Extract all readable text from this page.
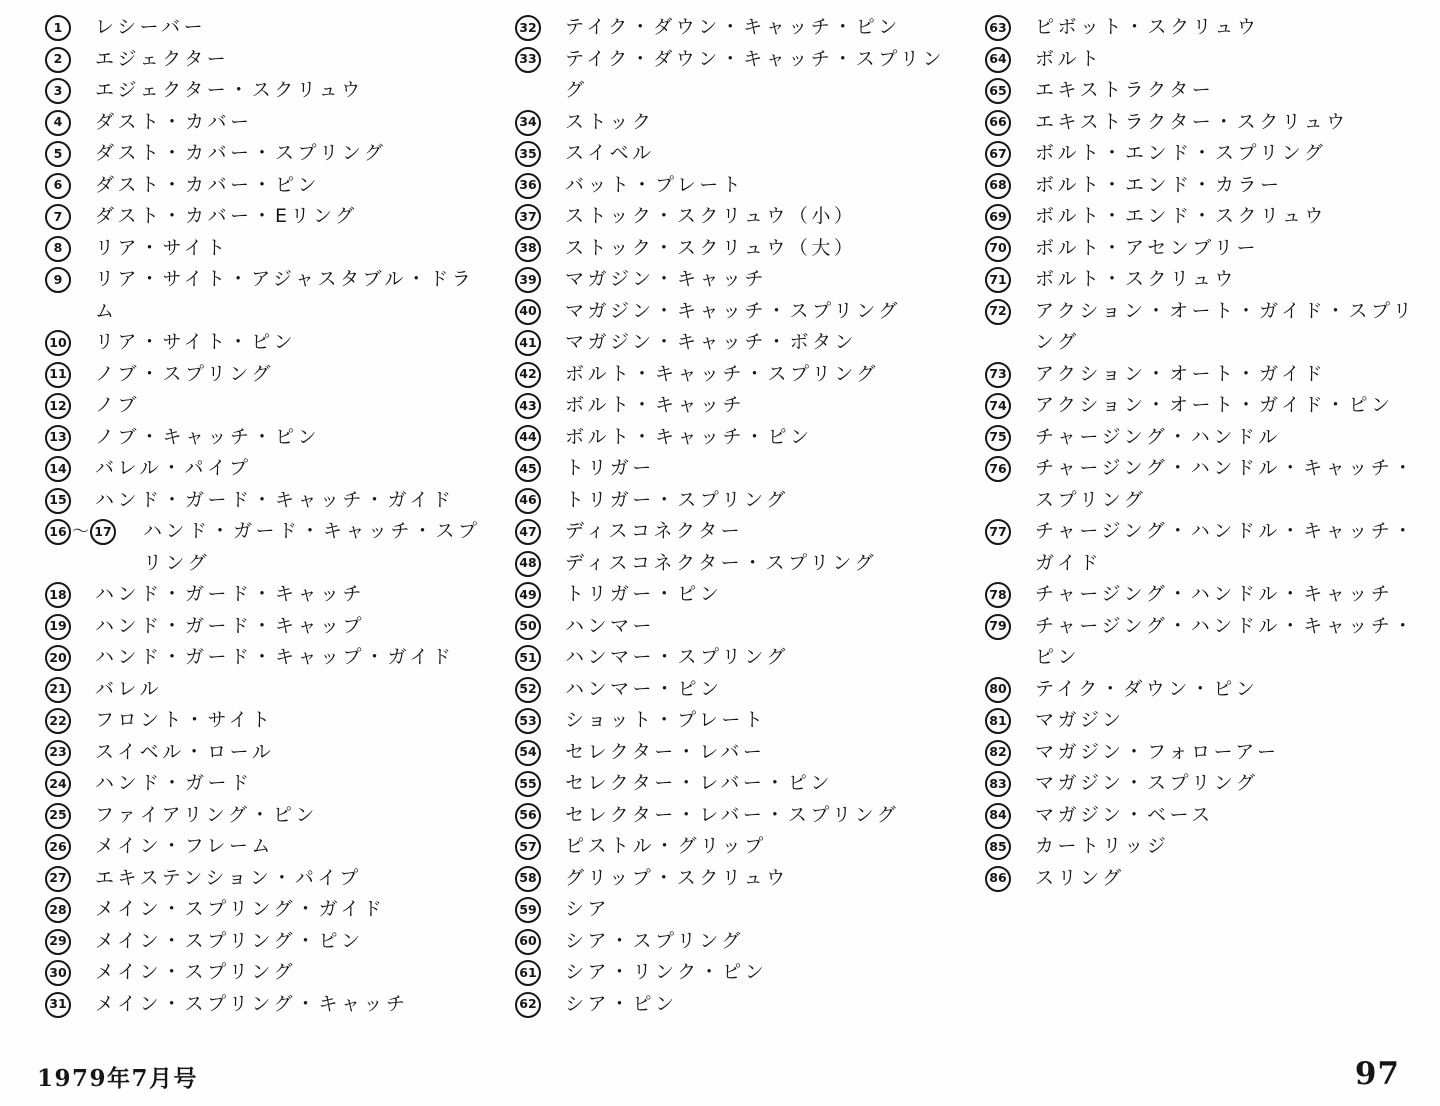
1	レシーバー
2	エジェクター
3	エジェクター・スクリュウ
4	ダスト・カバー
5	ダスト・カバー・スプリング
6	ダスト・カバー・ピン
7	ダスト・カバー・Eリング
8	リア・サイト
9	リア・サイト・アジャスタブル・ドラム
10 リア・サイト・ピン
11 ノブ・スプリング
12 ノブ
13 ノブ・キャッチ・ピン
14 バレル・パイプ
15 ハンド・ガード・キャッチ・ガイド
16 ～ 17 ハンド・ガード・キャッチ・スプリング
18 ハンド・ガード・キャッチ
19 ハンド・ガード・キャップ
20 ハンド・ガード・キャップ・ガイド
21 バレル
22 フロント・サイト
23 スイベル・ロール
24 ハンド・ガード
25 ファイアリング・ピン
26 メイン・フレーム
27 エキステンション・パイプ
28 メイン・スプリング・ガイド
29 メイン・スプリング・ピン
30 メイン・スプリング
31 メイン・スプリング・キャッチ
32 テイク・ダウン・キャッチ・ピン
33 テイク・ダウン・キャッチ・スプリング
34 ストック
35 スイベル
36 バット・プレート
37 ストック・スクリュウ（小）
38 ストック・スクリュウ（大）
39 マガジン・キャッチ
40 マガジン・キャッチ・スプリング
41 マガジン・キャッチ・ボタン
42 ボルト・キャッチ・スプリング
43 ボルト・キャッチ
44 ボルト・キャッチ・ピン
45 トリガー
46 トリガー・スプリング
47 ディスコネクター
48 ディスコネクター・スプリング
49 トリガー・ピン
50 ハンマー
51 ハンマー・スプリング
52 ハンマー・ピン
53 ショット・プレート
54 セレクター・レバー
55 セレクター・レバー・ピン
56 セレクター・レバー・スプリング
57 ピストル・グリップ
58 グリップ・スクリュウ
59 シア
60 シア・スプリング
61 シア・リンク・ピン
62 シア・ピン
63 ピボット・スクリュウ
64 ボルト
65 エキストラクター
66 エキストラクター・スクリュウ
67 ボルト・エンド・スプリング
68 ボルト・エンド・カラー
69 ボルト・エンド・スクリュウ
70 ボルト・アセンブリー
71 ボルト・スクリュウ
72 アクション・オート・ガイド・スプリング
73 アクション・オート・ガイド
74 アクション・オート・ガイド・ピン
75 チャージング・ハンドル
76 チャージング・ハンドル・キャッチ・スプリング
77 チャージング・ハンドル・キャッチ・ガイド
78 チャージング・ハンドル・キャッチ
79 チャージング・ハンドル・キャッチ・ピン
80 テイク・ダウン・ピン
81 マガジン
82 マガジン・フォローアー
83 マガジン・スプリング
84 マガジン・ベース
85 カートリッジ
86 スリング
1979年7月号	97
